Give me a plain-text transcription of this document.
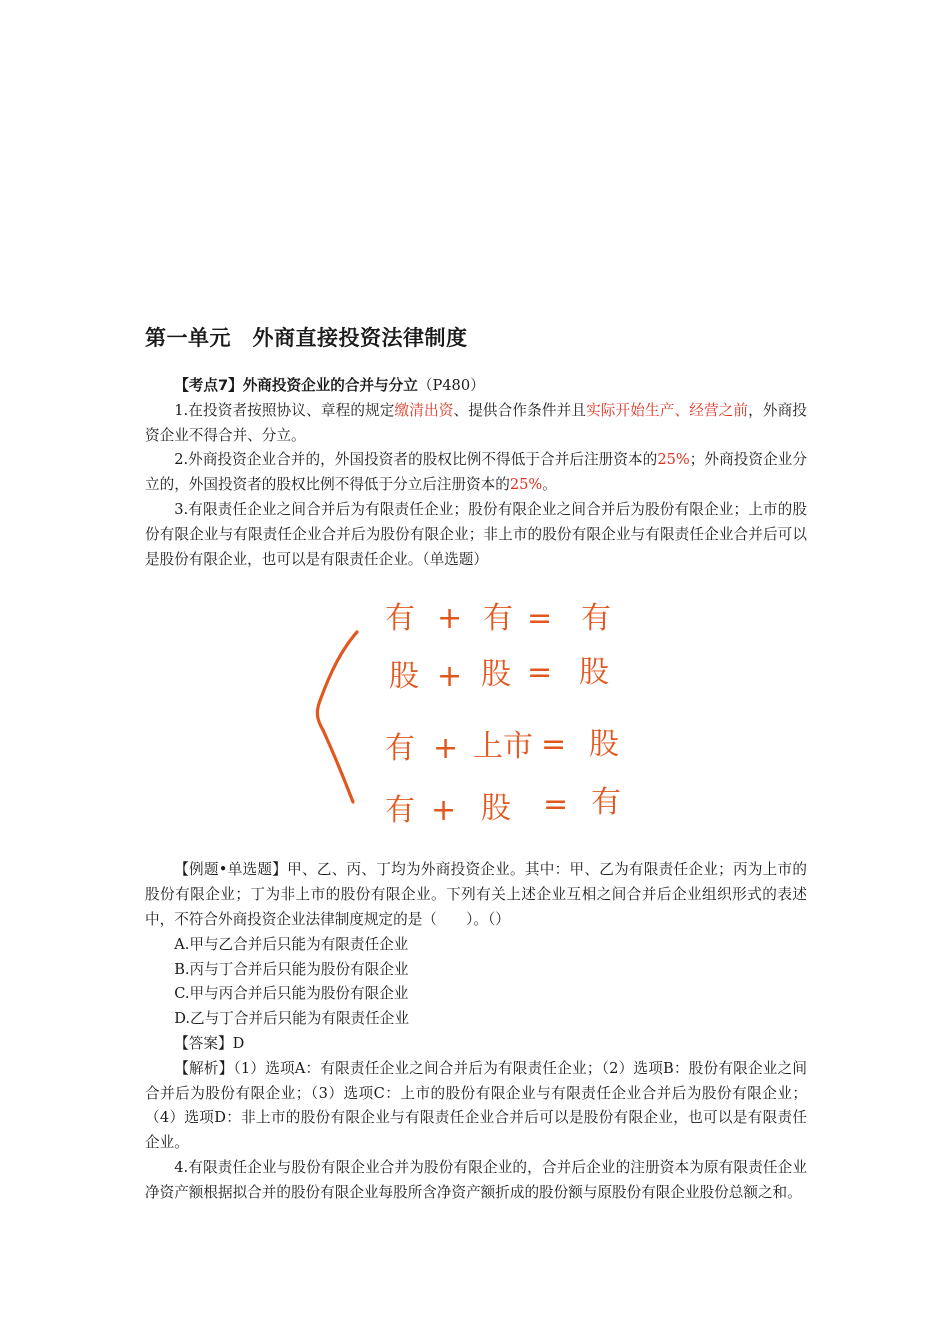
第一单元　外商直接投资法律制度

【考点7】外商投资企业的合并与分立（P480）

1.在投资者按照协议、章程的规定缴清出资、提供合作条件并且实际开始生产、经营之前，外商投资企业不得合并、分立。

2.外商投资企业合并的，外国投资者的股权比例不得低于合并后注册资本的25%；外商投资企业分立的，外国投资者的股权比例不得低于分立后注册资本的25%。

3.有限责任企业之间合并后为有限责任企业；股份有限企业之间合并后为股份有限企业；上市的股份有限企业与有限责任企业合并后为股份有限企业；非上市的股份有限企业与有限责任企业合并后可以是股份有限企业，也可以是有限责任企业。（单选题）

有 + 有 = 有
股 + 股 = 股
有 + 上市 = 股
有 + 股 = 有

【例题•单选题】甲、乙、丙、丁均为外商投资企业。其中：甲、乙为有限责任企业；丙为上市的股份有限企业；丁为非上市的股份有限企业。下列有关上述企业互相之间合并后企业组织形式的表述中，不符合外商投资企业法律制度规定的是（　　）。（）

A.甲与乙合并后只能为有限责任企业

B.丙与丁合并后只能为股份有限企业

C.甲与丙合并后只能为股份有限企业

D.乙与丁合并后只能为有限责任企业

【答案】D

【解析】（1）选项A：有限责任企业之间合并后为有限责任企业；（2）选项B：股份有限企业之间合并后为股份有限企业；（3）选项C：上市的股份有限企业与有限责任企业合并后为股份有限企业；（4）选项D：非上市的股份有限企业与有限责任企业合并后可以是股份有限企业，也可以是有限责任企业。

4.有限责任企业与股份有限企业合并为股份有限企业的，合并后企业的注册资本为原有限责任企业净资产额根据拟合并的股份有限企业每股所含净资产额折成的股份额与原股份有限企业股份总额之和。
